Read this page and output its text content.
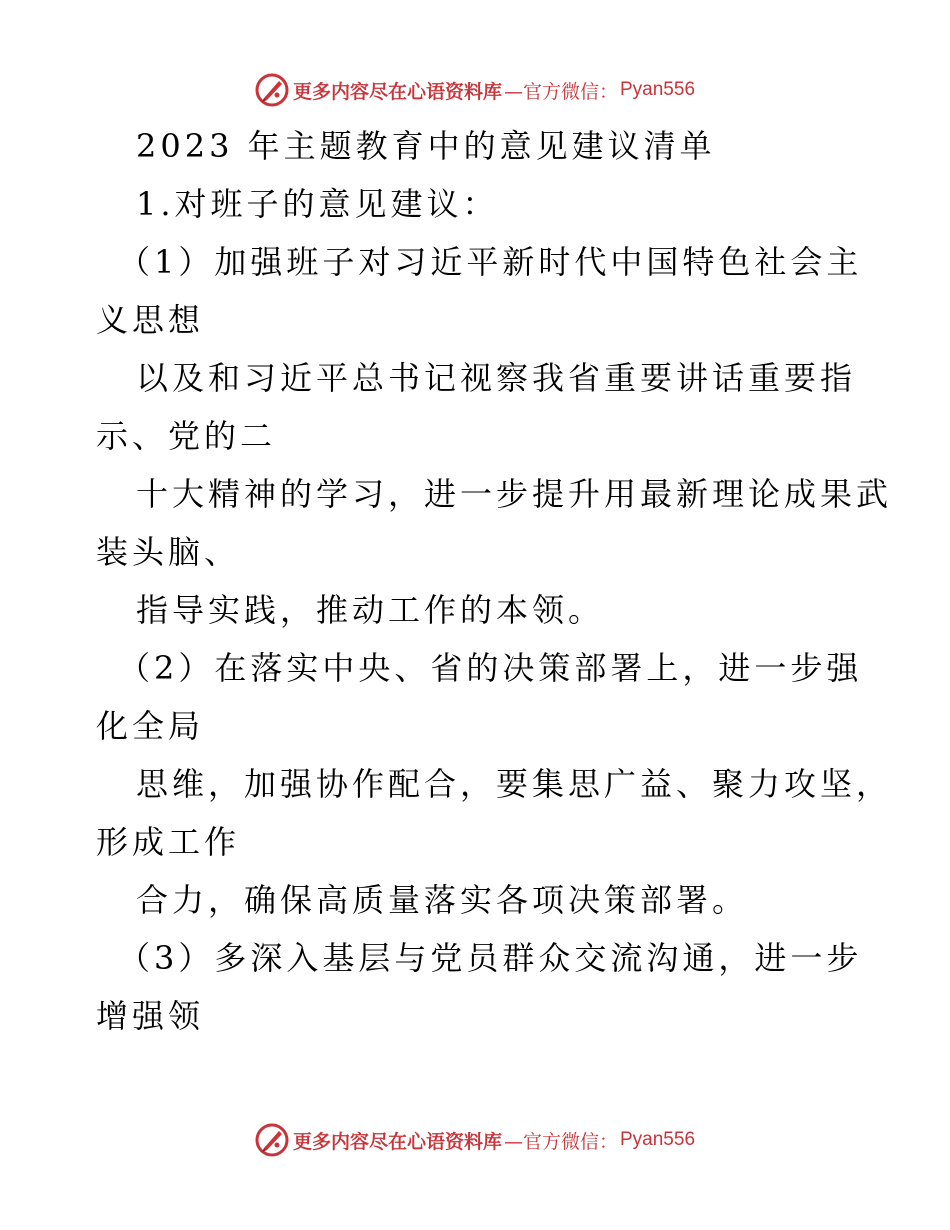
更多内容尽在心语资料库 —官方微信： Pyan556
2023 年主题教育中的意见建议清单
1.对班子的意见建议：
（1）加强班子对习近平新时代中国特色社会主
义思想
以及和习近平总书记视察我省重要讲话重要指
示、党的二
十大精神的学习，进一步提升用最新理论成果武
装头脑、
指导实践，推动工作的本领。
（2）在落实中央、省的决策部署上，进一步强
化全局
思维，加强协作配合，要集思广益、聚力攻坚，
形成工作
合力，确保高质量落实各项决策部署。
（3）多深入基层与党员群众交流沟通，进一步
增强领
更多内容尽在心语资料库 —官方微信： Pyan556
